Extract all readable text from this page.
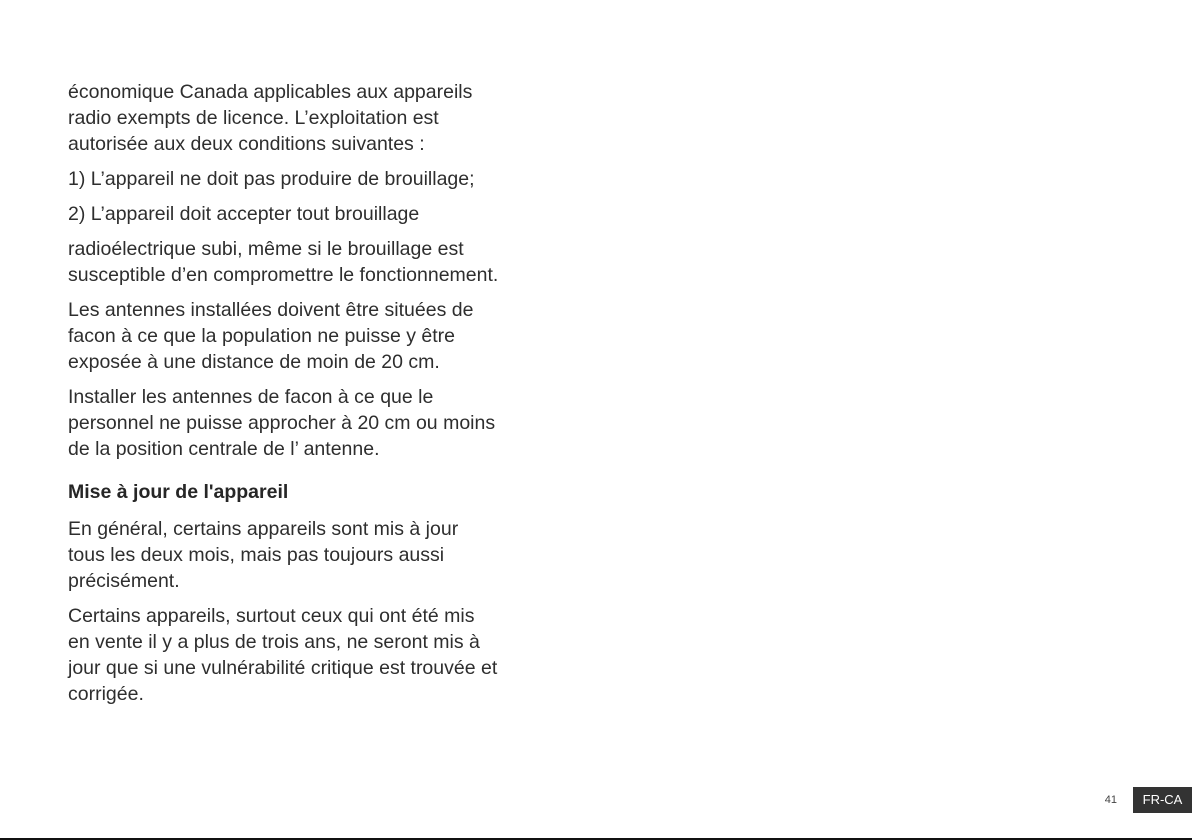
économique Canada applicables aux appareils
radio exempts de licence. L’exploitation est
autorisée aux deux conditions suivantes :

1) L’appareil ne doit pas produire de brouillage;

2) L’appareil doit accepter tout brouillage

radioélectrique subi, même si le brouillage est
susceptible d’en compromettre le fonctionnement.

Les antennes installées doivent être situées de
facon à ce que la population ne puisse y être
exposée à une distance de moin de 20 cm.

Installer les antennes de facon à ce que le
personnel ne puisse approcher à 20 cm ou moins
de la position centrale de l’ antenne.

Mise à jour de l'appareil

En général, certains appareils sont mis à jour
tous les deux mois, mais pas toujours aussi
précisément.

Certains appareils, surtout ceux qui ont été mis
en vente il y a plus de trois ans, ne seront mis à
jour que si une vulnérabilité critique est trouvée et
corrigée.

41	FR-CA
